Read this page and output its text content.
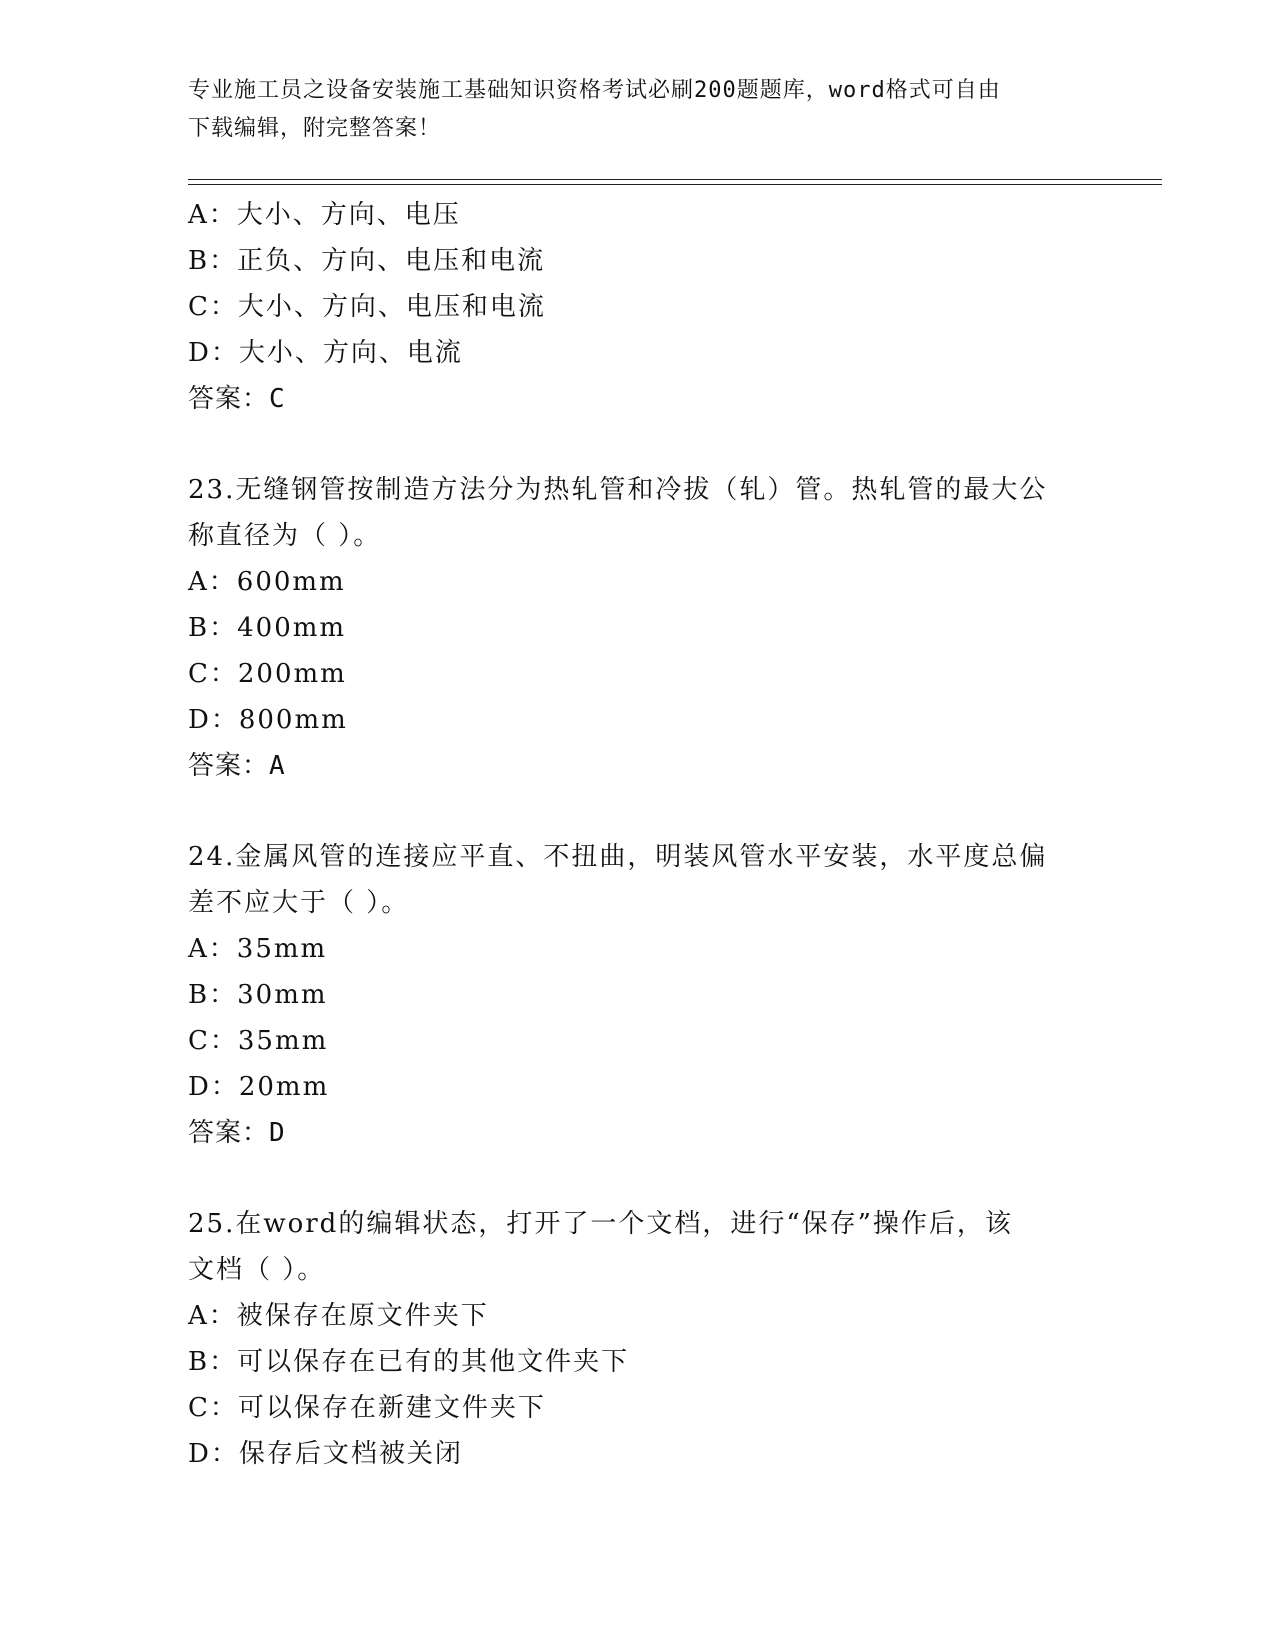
专业施工员之设备安装施工基础知识资格考试必刷200题题库，word格式可自由
下载编辑，附完整答案！
A：大小、方向、电压
B：正负、方向、电压和电流
C：大小、方向、电压和电流
D：大小、方向、电流
答案：C
23.无缝钢管按制造方法分为热轧管和冷拔（轧）管。热轧管的最大公
称直径为（ ）。
A：600mm
B：400mm
C：200mm
D：800mm
答案：A
24.金属风管的连接应平直、不扭曲，明装风管水平安装，水平度总偏
差不应大于（ ）。
A：35mm
B：30mm
C：35mm
D：20mm
答案：D
25.在word的编辑状态，打开了一个文档，进行“保存”操作后，该
文档（ ）。
A：被保存在原文件夹下
B：可以保存在已有的其他文件夹下
C：可以保存在新建文件夹下
D：保存后文档被关闭
